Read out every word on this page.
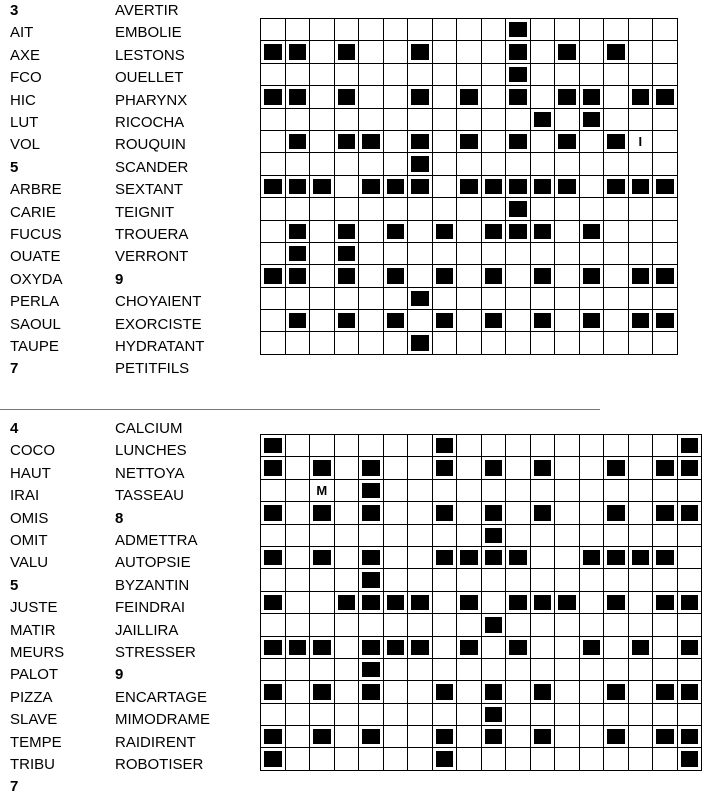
3
AIT
AXE
FCO
HIC
LUT
VOL
5
ARBRE
CARIE
FUCUS
OUATE
OXYDA
PERLA
SAOUL
TAUPE
7
AVERTIR
EMBOLIE
LESTONS
OUELLET
PHARYNX
RICOCHA
ROUQUIN
SCANDER
SEXTANT
TEIGNIT
TROUERA
VERRONT
9
CHOYAIENT
EXORCISTE
HYDRATANT
PETITFILS
I
4
COCO
HAUT
IRAI
OMIS
OMIT
VALU
5
JUSTE
MATIR
MEURS
PALOT
PIZZA
SLAVE
TEMPE
TRIBU
7
CALCIUM
LUNCHES
NETTOYA
TASSEAU
8
ADMETTRA
AUTOPSIE
BYZANTIN
FEINDRAI
JAILLIRA
STRESSER
9
ENCARTAGE
MIMODRAME
RAIDIRENT
ROBOTISER
M
